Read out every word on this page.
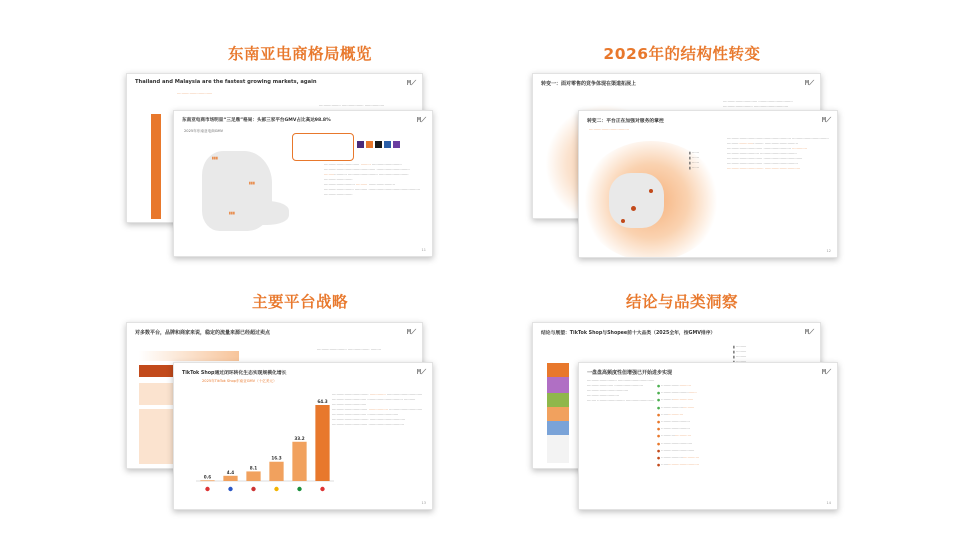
东南亚电商格局概览	2026年的结构性转变
主要平台战略	结论与品类洞察
Thailand and Malaysia are the fastest growing markets, again	M⟋
·······························
··················· ··················· ·················
东南亚电商市场明显“三足鼎”格局：头部三家平台GMV占比高达98.8%	M⟋
2025年东南亚电商GMV
▮▮▮
▮▮▮
▮▮▮
······························· ········· ·························· ············································· ····························· ···················· ·························· ·························· ·························
··························· ·········· ······················· ·························· ··········· ············································· ·························
11
转变一：面对零售的竞争体现在渠道拓展上	M⟋
······························ ······························ ·························· ······························
转变二：平台正在加强对服务的掌控	M⟋
···································
▮ ······
▮ ······
▮ ······
▮ ······
························································ ································ ································ ····························· ······························· ························ ············· ···························· ································
······························· ·································· ······························· ······························
································ ·······························
12
对多数平台，品牌和商家来说，稳定的流量来源已经超过卖点	M⟋
·························· ··················· ·········
TikTok Shop通过闭环转化生态实现规模化增长	M⟋
2025年TikTok Shop东南亚GMV（十亿美元）
0.6
4.4
8.1
16.3
33.2
64.3
································ ·············· ······························· ······························ ······························· ·········· ······························
······························· ················· ····························· ······························ ···························
································ ······························· ······························· ·······························
13
结论与展望：TikTok Shop与Shopee前十大品类（2025全年，按GMV排序）	M⟋
▮ ·········
▮ ·········
▮ ·········

一盘盘高频度性但增强已开始进步实现	M⟋
·························· ································ ······················· ························· ···································· ····························
········ ························ ·························
● ··························
● ·······························
● ····························
● ·····························
● ···················
● ·························
● ·························
● ··························
● ···························
● ·····························
● ·································
● ·································
14
